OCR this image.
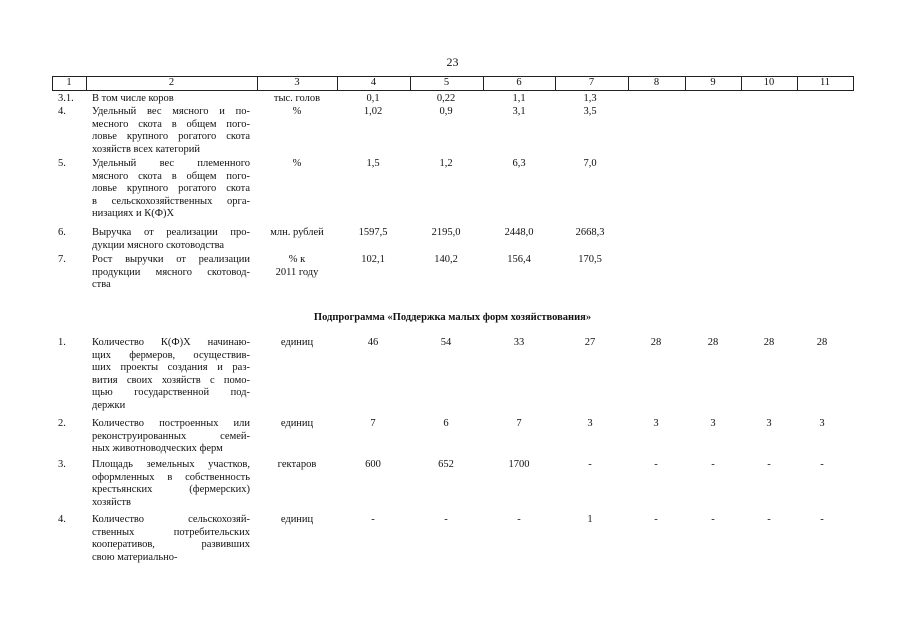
23
1	2	3	4	5	6	7	8	9	10	11
3.1. В том числе коров	тыс. голов	0,1	0,22	1,1	1,3
4. Удельный вес мясного и по-
месного скота в общем пого-
ловье крупного рогатого скота
хозяйств всех категорий
%	1,02	0,9	3,1	3,5
5. Удельный вес племенного
мясного скота в общем пого-
ловье крупного рогатого скота
в сельскохозяйственных орга-
низациях и К(Ф)Х
%	1,5	1,2	6,3	7,0
6. Выручка от реализации про-
дукции мясного скотоводства
млн. рублей	1597,5	2195,0	2448,0	2668,3
7. Рост выручки от реализации
продукции мясного скотовод-
ства
% к
2011 году
102,1	140,2	156,4	170,5
Подпрограмма «Поддержка малых форм хозяйствования»
1. Количество К(Ф)Х начинаю-
щих фермеров, осуществив-
ших проекты создания и раз-
вития своих хозяйств с помо-
щью государственной под-
держки
единиц	46	54	33	27	28	28	28	28
2. Количество построенных или
реконструированных семей-
ных животноводческих ферм
единиц	7	6	7	3	3	3	3	3
3. Площадь земельных участков,
оформленных в собственность
крестьянских (фермерских)
хозяйств
гектаров	600	652	1700	-	-	-	-	-
4. Количество сельскохозяй-
ственных потребительских
кооперативов, развивших
свою материально-
единиц	-	-	-	1	-	-	-	-
